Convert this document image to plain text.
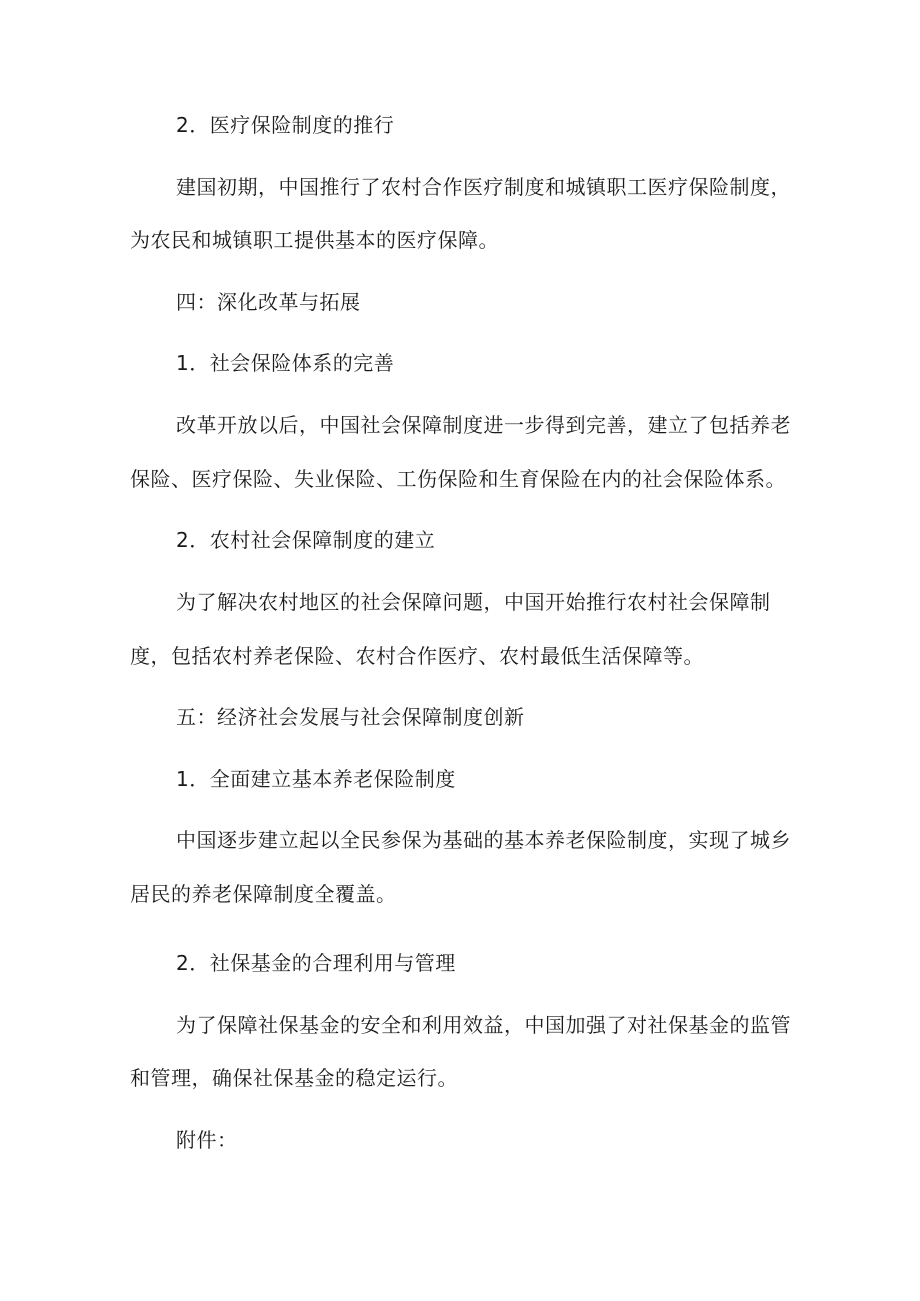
2．医疗保险制度的推行
建国初期，中国推行了农村合作医疗制度和城镇职工医疗保险制度，
为农民和城镇职工提供基本的医疗保障。
四：深化改革与拓展
1．社会保险体系的完善
改革开放以后，中国社会保障制度进一步得到完善，建立了包括养老
保险、医疗保险、失业保险、工伤保险和生育保险在内的社会保险体系。
2．农村社会保障制度的建立
为了解决农村地区的社会保障问题，中国开始推行农村社会保障制
度，包括农村养老保险、农村合作医疗、农村最低生活保障等。
五：经济社会发展与社会保障制度创新
1．全面建立基本养老保险制度
中国逐步建立起以全民参保为基础的基本养老保险制度，实现了城乡
居民的养老保障制度全覆盖。
2．社保基金的合理利用与管理
为了保障社保基金的安全和利用效益，中国加强了对社保基金的监管
和管理，确保社保基金的稳定运行。
附件：
